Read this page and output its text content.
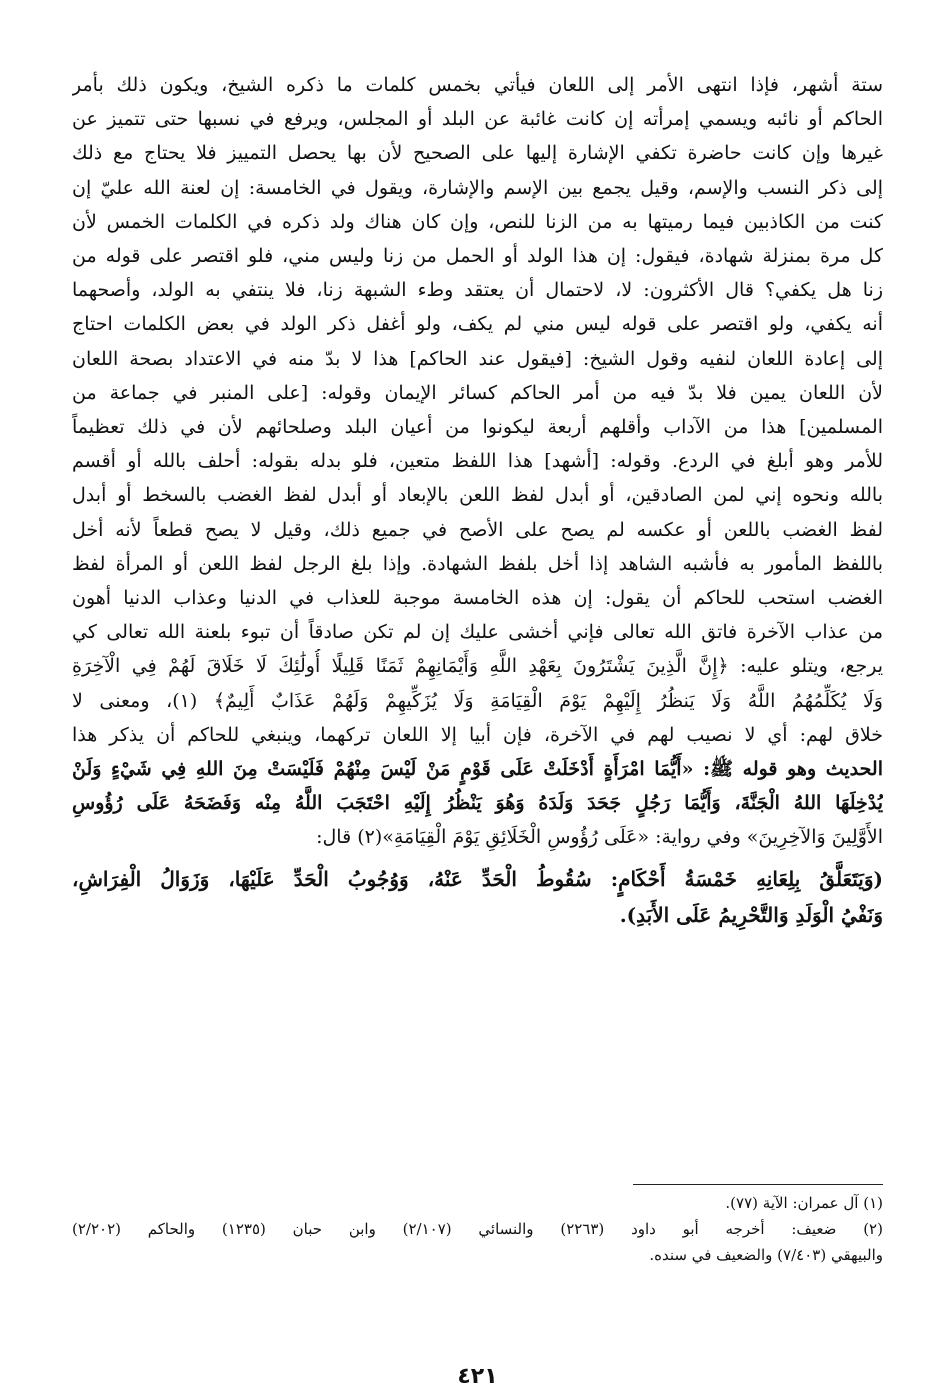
ستة أشهر، فإذا انتهى الأمر إلى اللعان فيأتي بخمس كلمات ما ذكره الشيخ، ويكون ذلك بأمر
الحاكم أو نائبه ويسمي إمرأته إن كانت غائبة عن البلد أو المجلس، ويرفع في نسبها حتى تتميز عن
غيرها وإن كانت حاضرة تكفي الإشارة إليها على الصحيح لأن بها يحصل التمييز فلا يحتاج مع ذلك
إلى ذكر النسب والإسم، وقيل يجمع بين الإسم والإشارة، ويقول في الخامسة: إن لعنة الله عليّ إن
كنت من الكاذبين فيما رميتها به من الزنا للنص، وإن كان هناك ولد ذكره في الكلمات الخمس لأن
كل مرة بمنزلة شهادة، فيقول: إن هذا الولد أو الحمل من زنا وليس مني، فلو اقتصر على قوله من
زنا هل يكفي؟ قال الأكثرون: لا، لاحتمال أن يعتقد وطء الشبهة زنا، فلا ينتفي به الولد، وأصحهما
أنه يكفي، ولو اقتصر على قوله ليس مني لم يكف، ولو أغفل ذكر الولد في بعض الكلمات احتاج
إلى إعادة اللعان لنفيه وقول الشيخ: [فيقول عند الحاكم] هذا لا بدّ منه في الاعتداد بصحة اللعان
لأن اللعان يمين فلا بدّ فيه من أمر الحاكم كسائر الإيمان وقوله: [على المنبر في جماعة من
المسلمين] هذا من الآداب وأقلهم أربعة ليكونوا من أعيان البلد وصلحائهم لأن في ذلك تعظيماً
للأمر وهو أبلغ في الردع. وقوله: [أشهد] هذا اللفظ متعين، فلو بدله بقوله: أحلف بالله أو أقسم
بالله ونحوه إني لمن الصادقين، أو أبدل لفظ اللعن بالإبعاد أو أبدل لفظ الغضب بالسخط أو أبدل
لفظ الغضب باللعن أو عكسه لم يصح على الأصح في جميع ذلك، وقيل لا يصح قطعاً لأنه أخل
باللفظ المأمور به فأشبه الشاهد إذا أخل بلفظ الشهادة. وإذا بلغ الرجل لفظ اللعن أو المرأة لفظ
الغضب استحب للحاكم أن يقول: إن هذه الخامسة موجبة للعذاب في الدنيا وعذاب الدنيا أهون
من عذاب الآخرة فاتق الله تعالى فإني أخشى عليك إن لم تكن صادقاً أن تبوء بلعنة الله تعالى كي
يرجع، ويتلو عليه: ﴿إِنَّ الَّذِينَ يَشْتَرُونَ بِعَهْدِ اللَّهِ وَأَيْمَانِهِمْ ثَمَنًا قَلِيلًا أُولَٰئِكَ لَا خَلَاقَ لَهُمْ فِي الْآخِرَةِ
وَلَا يُكَلِّمُهُمُ اللَّهُ وَلَا يَنظُرُ إِلَيْهِمْ يَوْمَ الْقِيَامَةِ وَلَا يُزَكِّيهِمْ وَلَهُمْ عَذَابٌ أَلِيمٌ﴾ (١)، ومعنى لا
خلاق لهم: أي لا نصيب لهم في الآخرة، فإن أبيا إلا اللعان تركهما، وينبغي للحاكم أن يذكر هذا
الحديث وهو قوله ﷺ: «أَيُّمَا امْرَأَةٍ أَدْخَلَتْ عَلَى قَوْمٍ مَنْ لَيْسَ مِنْهُمْ فَلَيْسَتْ مِنَ اللهِ فِي شَيْءٍ وَلَنْ
يُدْخِلَهَا اللهُ الْجَنَّةَ، وَأَيُّمَا رَجُلٍ جَحَدَ وَلَدَهُ وَهُوَ يَنْظُرُ إِلَيْهِ احْتَجَبَ اللَّهُ مِنْه وَفَضَحَهُ عَلَى رُؤُوسِ
الأَوَّلِينَ وَالآخِرِينَ» وفي رواية: «عَلَى رُؤُوسِ الْخَلَائِقِ يَوْمَ الْقِيَامَةِ»(٢) قال:
(وَيَتَعَلَّقُ بِلِعَانِهِ خَمْسَةُ أَحْكَامٍ: سُقُوطُ الْحَدِّ عَنْهُ، وَوُجُوبُ الْحَدِّ عَلَيْهَا، وَزَوَالُ الْفِرَاشِ،
وَنَفْيُ الْوَلَدِ وَالتَّحْرِيمُ عَلَى الأَبَدِ).
(١) آل عمران: الآية (٧٧).
(٢) ضعيف: أخرجه أبو داود (٢٢٦٣) والنسائي (٢/١٠٧) وابن حبان (١٢٣٥) والحاكم (٢/٢٠٢)
والبيهقي (٧/٤٠٣) والضعيف في سنده.
٤٢١
